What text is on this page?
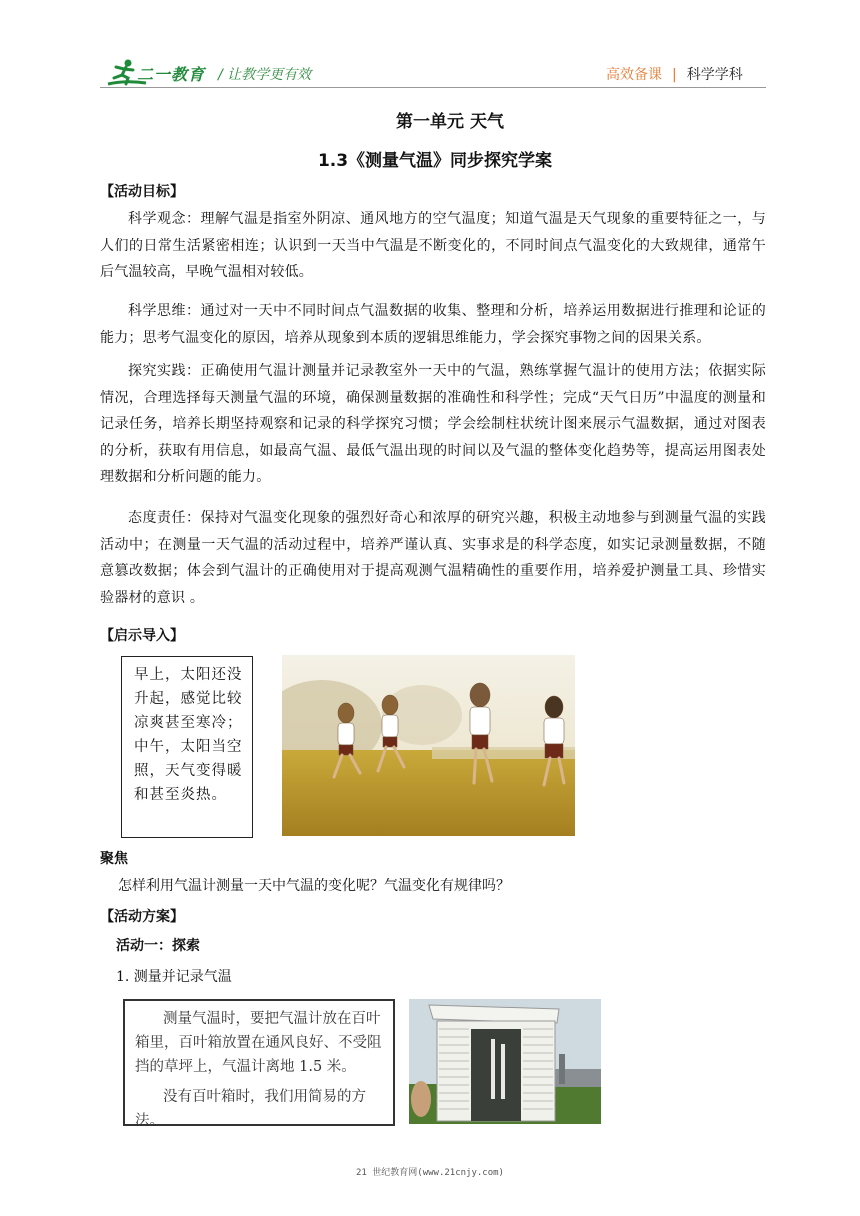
二一教育 / 让教学更有效	高效备课 | 科学学科
第一单元 天气
1.3《测量气温》同步探究学案
【活动目标】
科学观念：理解气温是指室外阴凉、通风地方的空气温度；知道气温是天气现象的重要特征之一，与人们的日常生活紧密相连；认识到一天当中气温是不断变化的，不同时间点气温变化的大致规律，通常午后气温较高，早晚气温相对较低。
科学思维：通过对一天中不同时间点气温数据的收集、整理和分析，培养运用数据进行推理和论证的能力；思考气温变化的原因，培养从现象到本质的逻辑思维能力，学会探究事物之间的因果关系。
探究实践：正确使用气温计测量并记录教室外一天中的气温，熟练掌握气温计的使用方法；依据实际情况，合理选择每天测量气温的环境，确保测量数据的准确性和科学性；完成“天气日历”中温度的测量和记录任务，培养长期坚持观察和记录的科学探究习惯；学会绘制柱状统计图来展示气温数据，通过对图表的分析，获取有用信息，如最高气温、最低气温出现的时间以及气温的整体变化趋势等，提高运用图表处理数据和分析问题的能力。
态度责任：保持对气温变化现象的强烈好奇心和浓厚的研究兴趣，积极主动地参与到测量气温的实践活动中；在测量一天气温的活动过程中，培养严谨认真、实事求是的科学态度，如实记录测量数据，不随意篡改数据；体会到气温计的正确使用对于提高观测气温精确性的重要作用，培养爱护测量工具、珍惜实验器材的意识 。
【启示导入】
早上，太阳还没升起，感觉比较凉爽甚至寒冷；中午，太阳当空照，天气变得暖和甚至炎热。
聚焦
怎样利用气温计测量一天中气温的变化呢？气温变化有规律吗？
【活动方案】
活动一：探索
1. 测量并记录气温

测量气温时，要把气温计放在百叶箱里，百叶箱放置在通风良好、不受阻挡的草坪上，气温计离地 1.5 米。

没有百叶箱时，我们用简易的方法。

21 世纪教育网(www.21cnjy.com)
